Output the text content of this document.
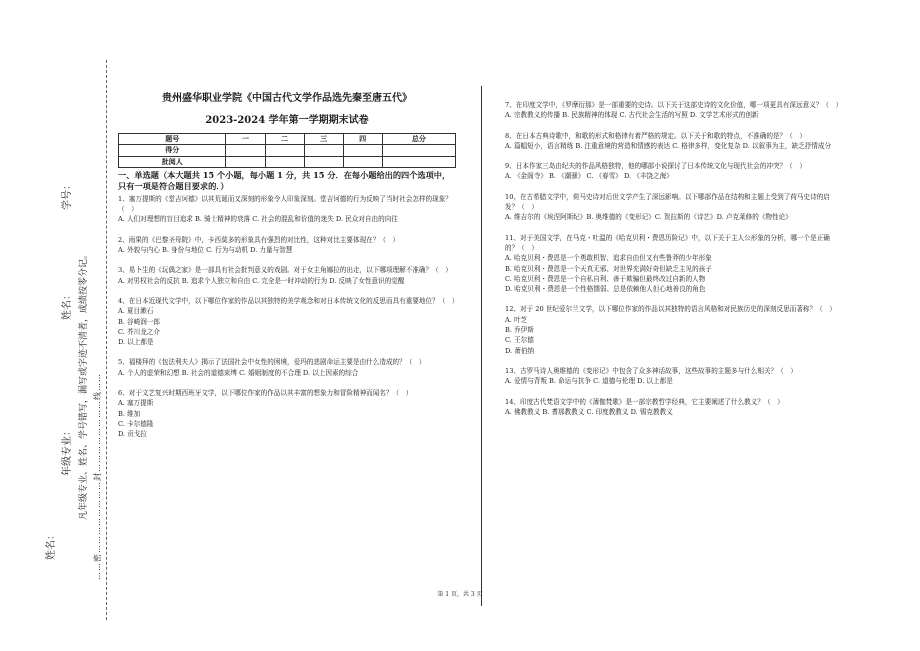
姓名：
年级专业：
学号：
姓名： 凡年级专业、姓名、学号错写，漏写或字迹不清者，成绩按零分记。 ……密……………………封……………………线……
贵州盛华职业学院《中国古代文学作品选先秦至唐五代》
2023-2024 学年第一学期期末试卷
题号	一	二	三	四	总分
得分					
批阅人					
一、单选题（本大题共 15 个小题，每小题 1 分，共 15 分．在每小题给出的四个选项中，只有一项是符合题目要求的．）

1、塞万提斯的《堂吉诃德》以其荒诞而又深刻的形象令人印象深刻。堂吉诃德的行为反映了当时社会怎样的现象？（　）

A. 人们对理想的盲目追求 B. 骑士精神的衰落 C. 社会的混乱和价值的迷失 D. 民众对自由的向往

2、雨果的《巴黎圣母院》中，卡西莫多的形象具有强烈的对比性，这种对比主要体现在？（　）

A. 外貌与内心 B. 身份与地位 C. 行为与动机 D. 力量与智慧

3、易卜生的《玩偶之家》是一部具有社会批判意义的戏剧。对于女主角娜拉的出走，以下哪项理解不准确？（　）

A. 对男权社会的反抗 B. 追求个人独立和自由 C. 完全是一时冲动的行为 D. 反映了女性意识的觉醒

4、在日本近现代文学中，以下哪位作家的作品以其独特的美学观念和对日本传统文化的反思而具有重要地位？（　）

A. 夏目漱石

B. 谷崎润一郎

C. 芥川龙之介

D. 以上都是

5、福楼拜的《包法利夫人》揭示了法国社会中女性的困境，爱玛的悲剧命运主要是由什么造成的？（　）

A. 个人的虚荣和幻想 B. 社会的道德束缚 C. 婚姻制度的不合理 D. 以上因素的综合

6、对于文艺复兴时期西班牙文学，以下哪位作家的作品以其丰富的想象力和冒险精神而闻名？（　）

A. 塞万提斯

B. 维加

C. 卡尔德隆

D. 贡戈拉

7、在印度文学中，《罗摩衍那》是一部重要的史诗。以下关于这部史诗的文化价值，哪一项更具有深远意义？（　）

A. 宗教教义的传播 B. 民族精神的体现 C. 古代社会生活的写照 D. 文学艺术形式的创新

8、在日本古典诗歌中，和歌的形式和格律有着严格的规定。以下关于和歌的特点，不准确的是？（　）

A. 篇幅短小，语言精练 B. 注重意境的营造和情感的表达 C. 格律多样，变化复杂 D. 以叙事为主，缺乏抒情成分

9、日本作家三岛由纪夫的作品风格独特，他的哪部小说探讨了日本传统文化与现代社会的冲突？（　）

A. 《金阁寺》 B. 《潮骚》 C. 《春雪》 D. 《丰饶之海》

10、在古希腊文学中，荷马史诗对后世文学产生了深远影响。以下哪部作品在结构和主题上受到了荷马史诗的启发？（　）

A. 维吉尔的《埃涅阿斯纪》B. 奥维德的《变形记》C. 贺拉斯的《诗艺》D. 卢克莱修的《物性论》

11、对于美国文学，在马克・吐温的《哈克贝利・费恩历险记》中，以下关于主人公形象的分析，哪一个是正确的？（　）

A. 哈克贝利・费恩是一个勇敢机智、追求自由但又有些鲁莽的少年形象

B. 哈克贝利・费恩是一个天真无邪、对世界充满好奇但缺乏主见的孩子

C. 哈克贝利・费恩是一个自私自利、善于欺骗但最终改过自新的人物

D. 哈克贝利・费恩是一个性格懦弱、总是依赖他人但心地善良的角色

12、对于 20 世纪爱尔兰文学，以下哪位作家的作品以其独特的语言风格和对民族历史的深刻反思而著称？（　）

A. 叶芝

B. 乔伊斯

C. 王尔德

D. 萧伯纳

13、古罗马诗人奥维德的《变形记》中包含了众多神话故事，这些故事的主题多与什么相关？（　）

A. 爱情与背叛 B. 命运与抗争 C. 道德与伦理 D. 以上都是

14、印度古代梵语文学中的《薄伽梵歌》是一部宗教哲学经典，它主要阐述了什么教义？（　）

A. 佛教教义 B. 耆那教教义 C. 印度教教义 D. 锡克教教义

第 1 页，共 3 页
